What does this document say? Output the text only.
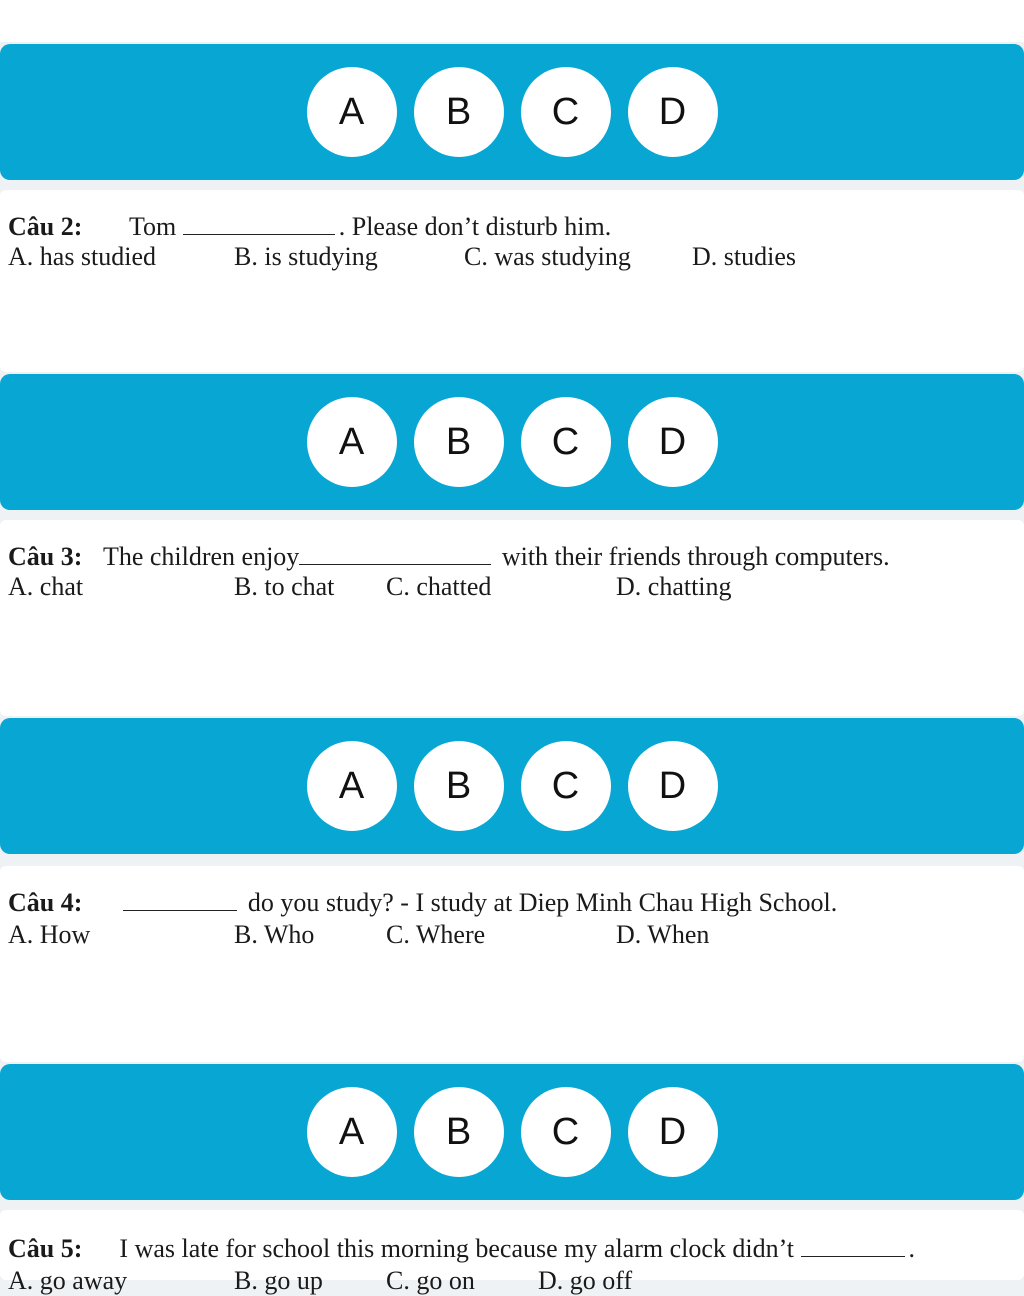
A	B	C	D
Câu 2: Tom	. Please don’t disturb him.
A. has studied	B. is studying	C. was studying D. studies
A	B	C	D
Câu 3: The children enjoy	with their friends through computers.
A. chat	B. to chat C. chatted	D. chatting
A	B	C	D
Câu 4:	do you study? - I study at Diep Minh Chau High School.
A. How	B. Who	C. Where	D. When
A	B	C	D
Câu 5: I was late for school this morning because my alarm clock didn’t	.
A. go away	B. go up C. go on D. go off
